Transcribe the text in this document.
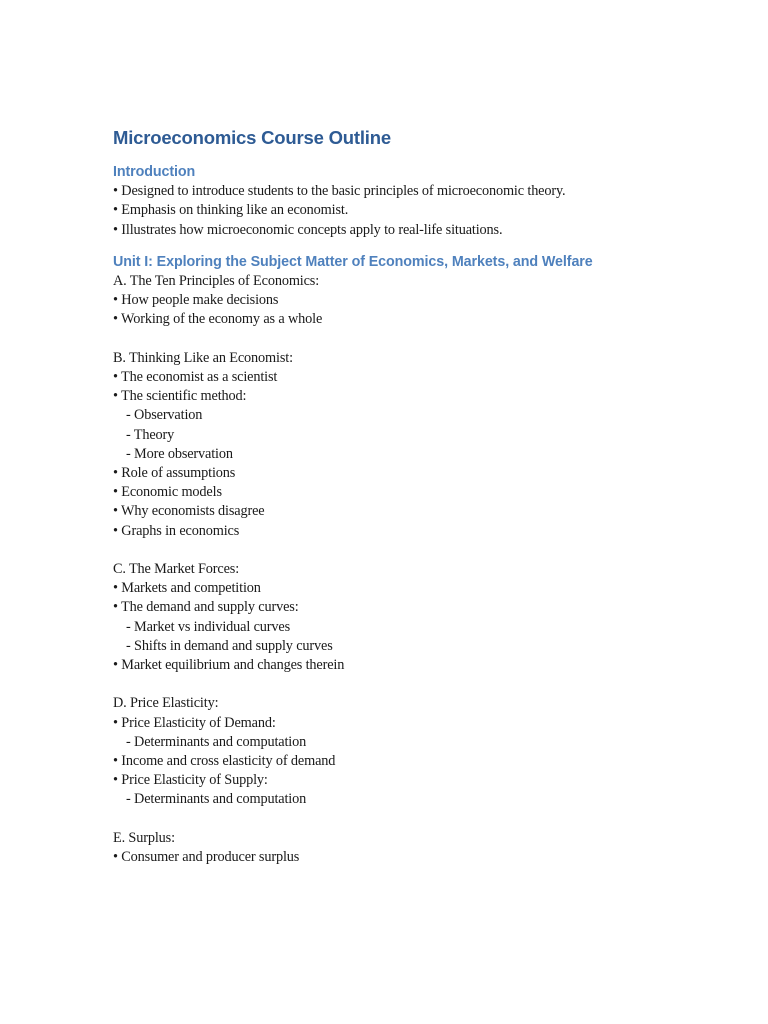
Microeconomics Course Outline
Introduction
• Designed to introduce students to the basic principles of microeconomic theory.
• Emphasis on thinking like an economist.
• Illustrates how microeconomic concepts apply to real-life situations.
Unit I: Exploring the Subject Matter of Economics, Markets, and Welfare
A. The Ten Principles of Economics:
• How people make decisions
• Working of the economy as a whole
B. Thinking Like an Economist:
• The economist as a scientist
• The scientific method:
- Observation
- Theory
- More observation
• Role of assumptions
• Economic models
• Why economists disagree
• Graphs in economics
C. The Market Forces:
• Markets and competition
• The demand and supply curves:
- Market vs individual curves
- Shifts in demand and supply curves
• Market equilibrium and changes therein
D. Price Elasticity:
• Price Elasticity of Demand:
- Determinants and computation
• Income and cross elasticity of demand
• Price Elasticity of Supply:
- Determinants and computation
E. Surplus:
• Consumer and producer surplus
